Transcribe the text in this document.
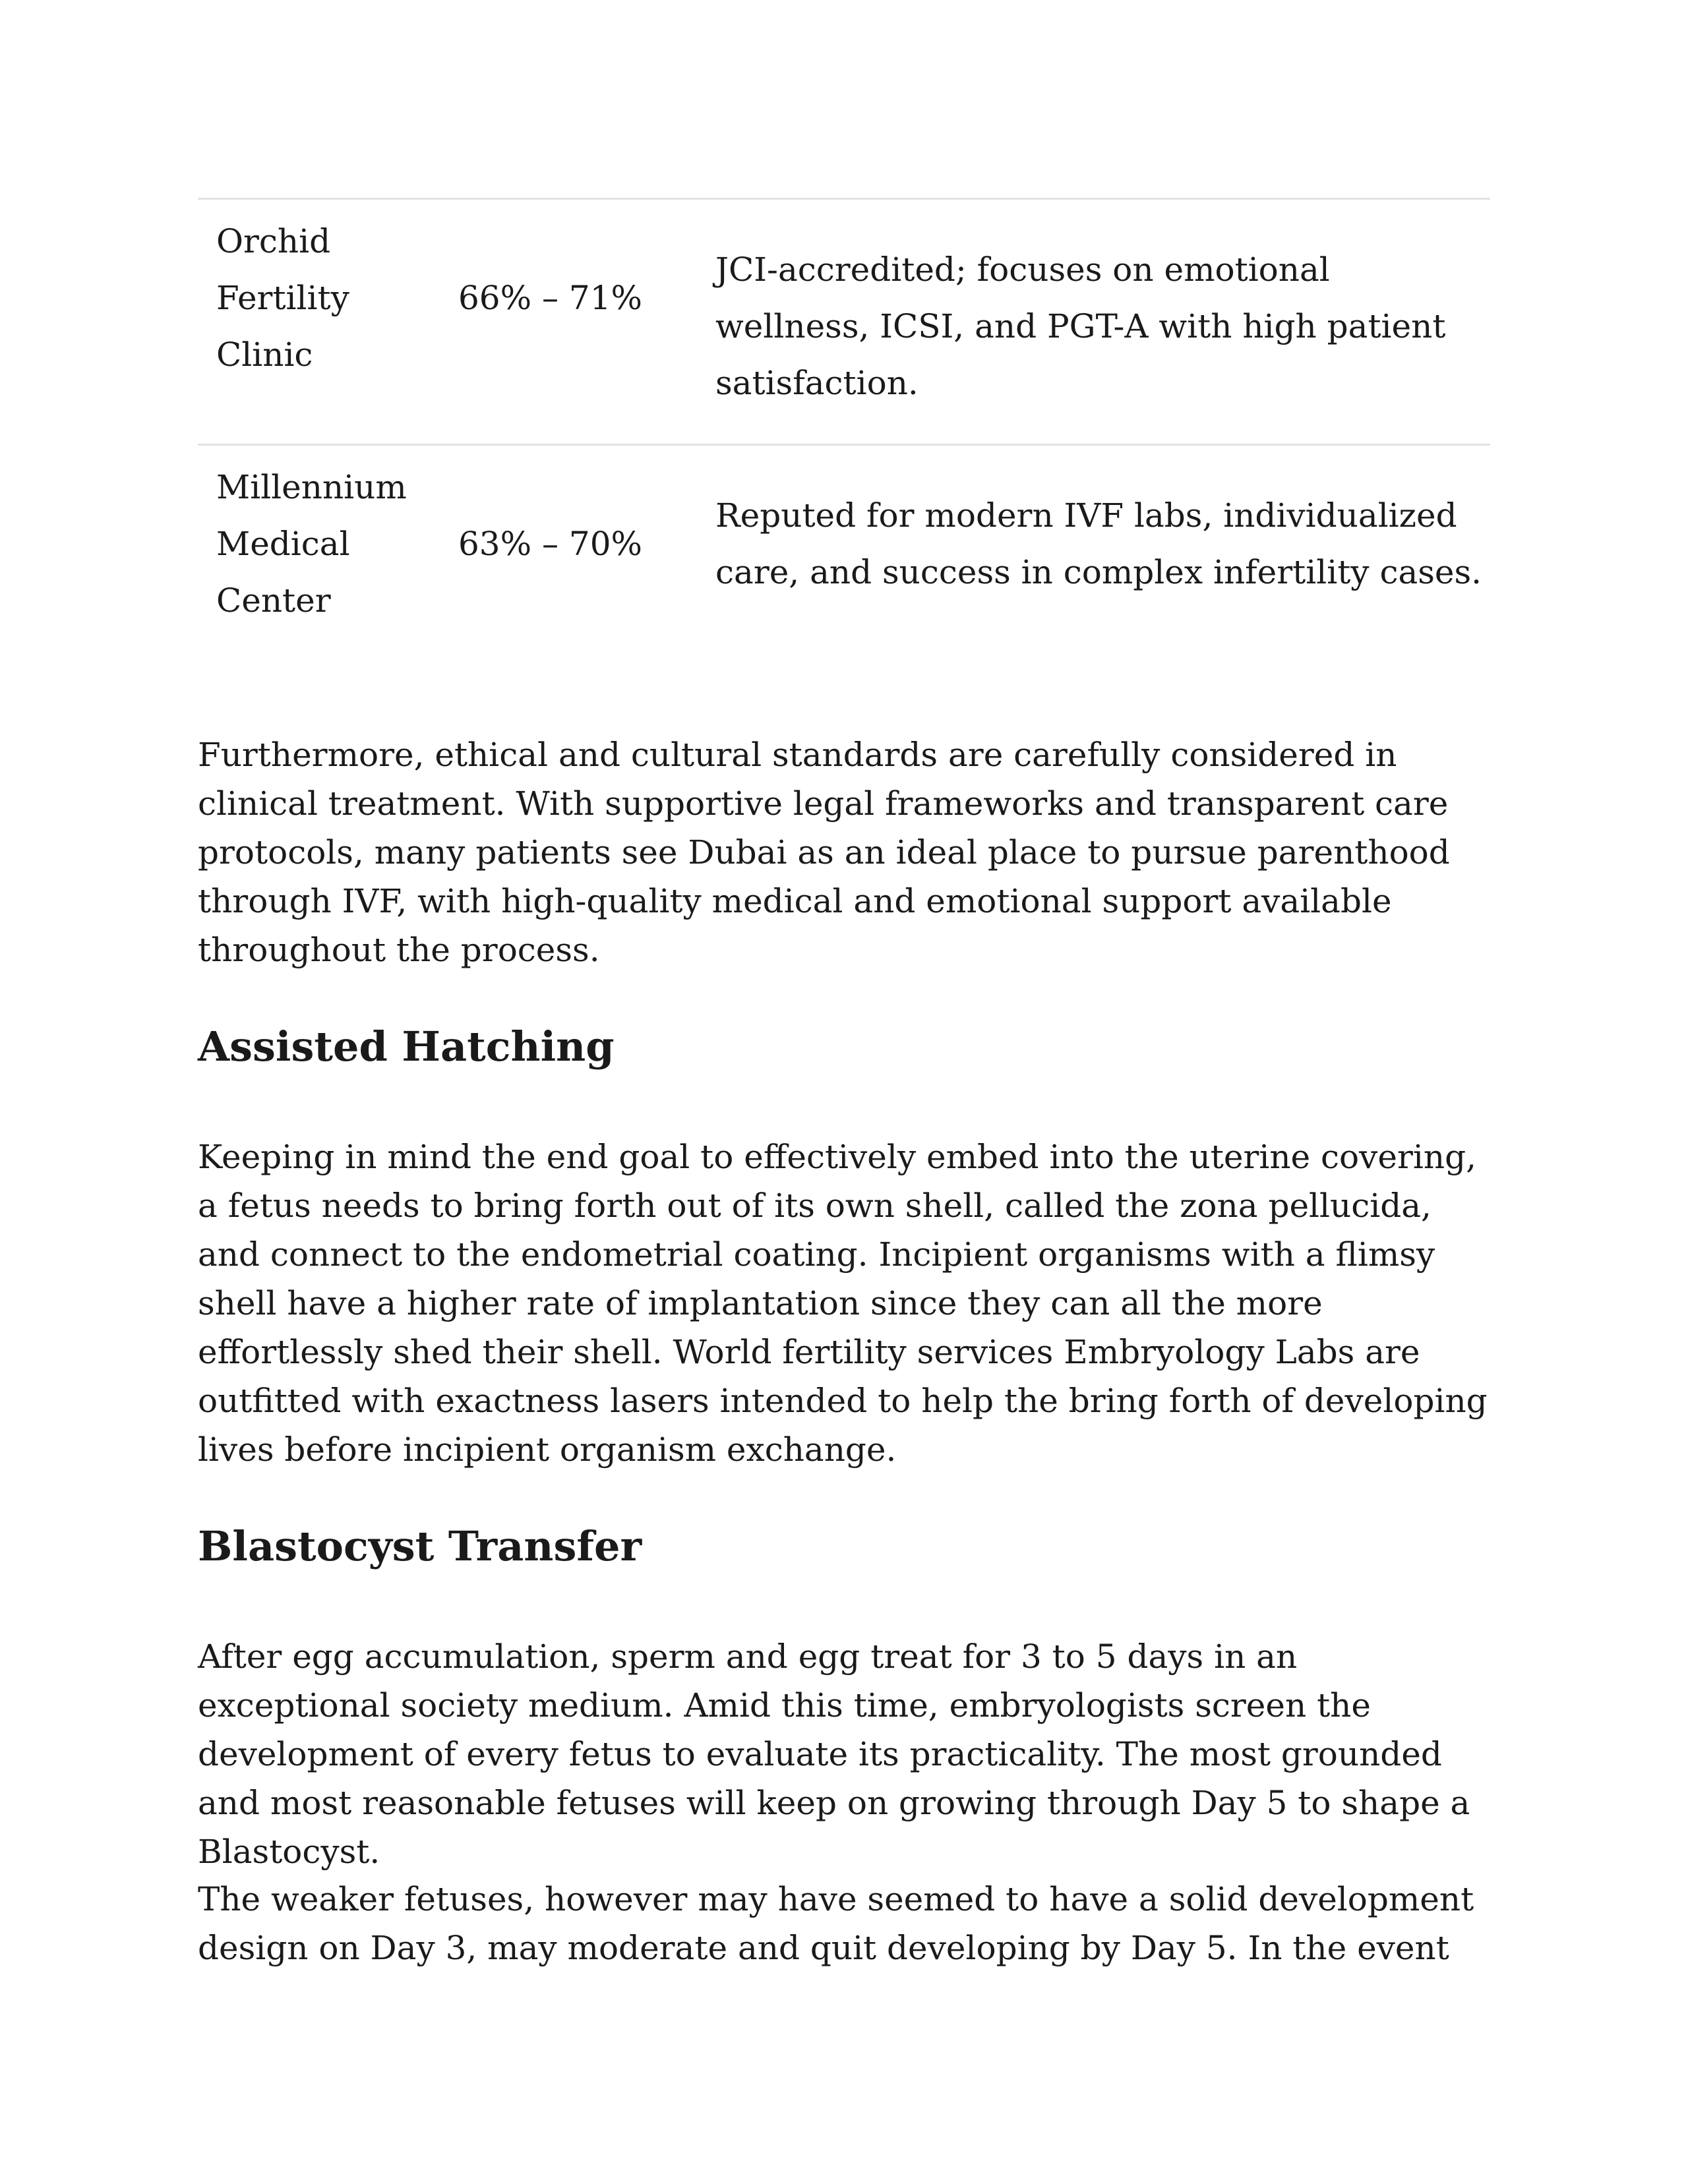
Orchid
Fertility
Clinic
66% – 71%
JCI-accredited; focuses on emotional wellness, ICSI, and PGT-A with high patient satisfaction.
Millennium
Medical
Center
63% – 70%
Reputed for modern IVF labs, individualized care, and success in complex infertility cases.

Furthermore, ethical and cultural standards are carefully considered in clinical treatment. With supportive legal frameworks and transparent care protocols, many patients see Dubai as an ideal place to pursue parenthood through IVF, with high-quality medical and emotional support available throughout the process.

Assisted Hatching

Keeping in mind the end goal to effectively embed into the uterine covering, a fetus needs to bring forth out of its own shell, called the zona pellucida, and connect to the endometrial coating. Incipient organisms with a flimsy shell have a higher rate of implantation since they can all the more effortlessly shed their shell. World fertility services Embryology Labs are outfitted with exactness lasers intended to help the bring forth of developing lives before incipient organism exchange.

Blastocyst Transfer

After egg accumulation, sperm and egg treat for 3 to 5 days in an exceptional society medium. Amid this time, embryologists screen the development of every fetus to evaluate its practicality. The most grounded and most reasonable fetuses will keep on growing through Day 5 to shape a Blastocyst.

The weaker fetuses, however may have seemed to have a solid development design on Day 3, may moderate and quit developing by Day 5. In the event
